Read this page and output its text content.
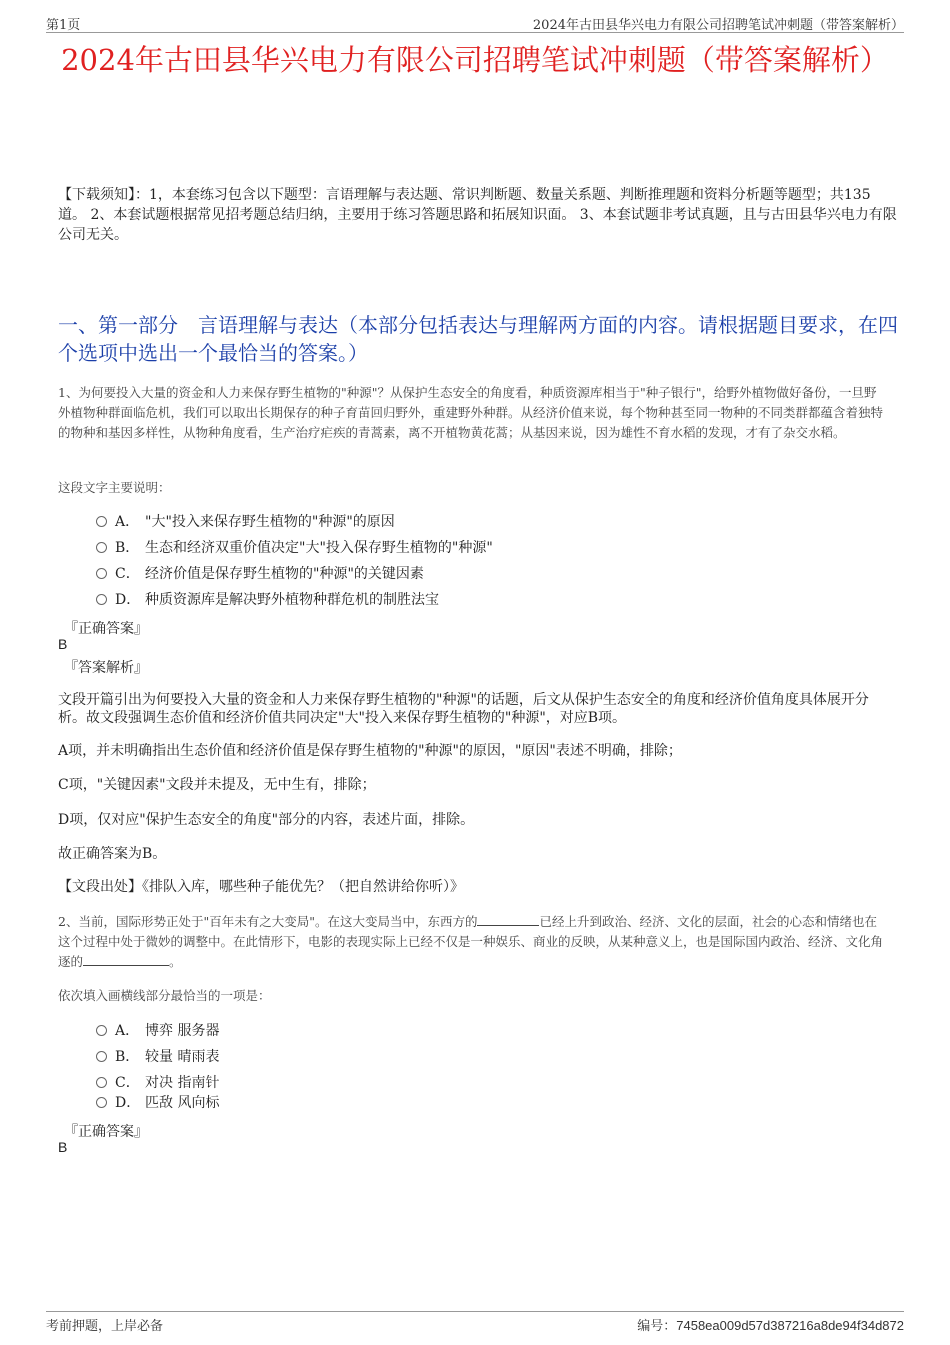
第1页	2024年古田县华兴电力有限公司招聘笔试冲刺题（带答案解析）
2024年古田县华兴电力有限公司招聘笔试冲刺题（带答案解析）
【下载须知】：1，本套练习包含以下题型：言语理解与表达题、常识判断题、数量关系题、判断推理题和资料分析题等题型；共135道。 2、本套试题根据常见招考题总结归纳，主要用于练习答题思路和拓展知识面。 3、本套试题非考试真题，且与古田县华兴电力有限公司无关。
一、第一部分　言语理解与表达（本部分包括表达与理解两方面的内容。请根据题目要求，在四个选项中选出一个最恰当的答案。）
1、为何要投入大量的资金和人力来保存野生植物的"种源"？从保护生态安全的角度看，种质资源库相当于"种子银行"，给野外植物做好备份，一旦野外植物种群面临危机，我们可以取出长期保存的种子育苗回归野外，重建野外种群。从经济价值来说，每个物种甚至同一物种的不同类群都蕴含着独特的物种和基因多样性，从物种角度看，生产治疗疟疾的青蒿素，离不开植物黄花蒿；从基因来说，因为雄性不育水稻的发现，才有了杂交水稻。
这段文字主要说明：
A． "大"投入来保存野生植物的"种源"的原因
B． 生态和经济双重价值决定"大"投入保存野生植物的"种源"
C． 经济价值是保存野生植物的"种源"的关键因素
D． 种质资源库是解决野外植物种群危机的制胜法宝
『正确答案』
B
『答案解析』
文段开篇引出为何要投入大量的资金和人力来保存野生植物的"种源"的话题，后文从保护生态安全的角度和经济价值角度具体展开分析。故文段强调生态价值和经济价值共同决定"大"投入来保存野生植物的"种源"，对应B项。
A项，并未明确指出生态价值和经济价值是保存野生植物的"种源"的原因，"原因"表述不明确，排除；
C项，"关键因素"文段并未提及，无中生有，排除；
D项，仅对应"保护生态安全的角度"部分的内容，表述片面，排除。
故正确答案为B。
【文段出处】《排队入库，哪些种子能优先？（把自然讲给你听）》
2、当前，国际形势正处于"百年未有之大变局"。在这大变局当中，东西方的	已经上升到政治、经济、文化的层面，社会的心态和情绪也在这个过程中处于微妙的调整中。在此情形下，电影的表现实际上已经不仅是一种娱乐、商业的反映，从某种意义上，也是国际国内政治、经济、文化角逐的	。
依次填入画横线部分最恰当的一项是：
A． 博弈 服务器
B． 较量 晴雨表
C． 对决 指南针
D． 匹敌 风向标
『正确答案』
B
考前押题，上岸必备	编号：7458ea009d57d387216a8de94f34d872
